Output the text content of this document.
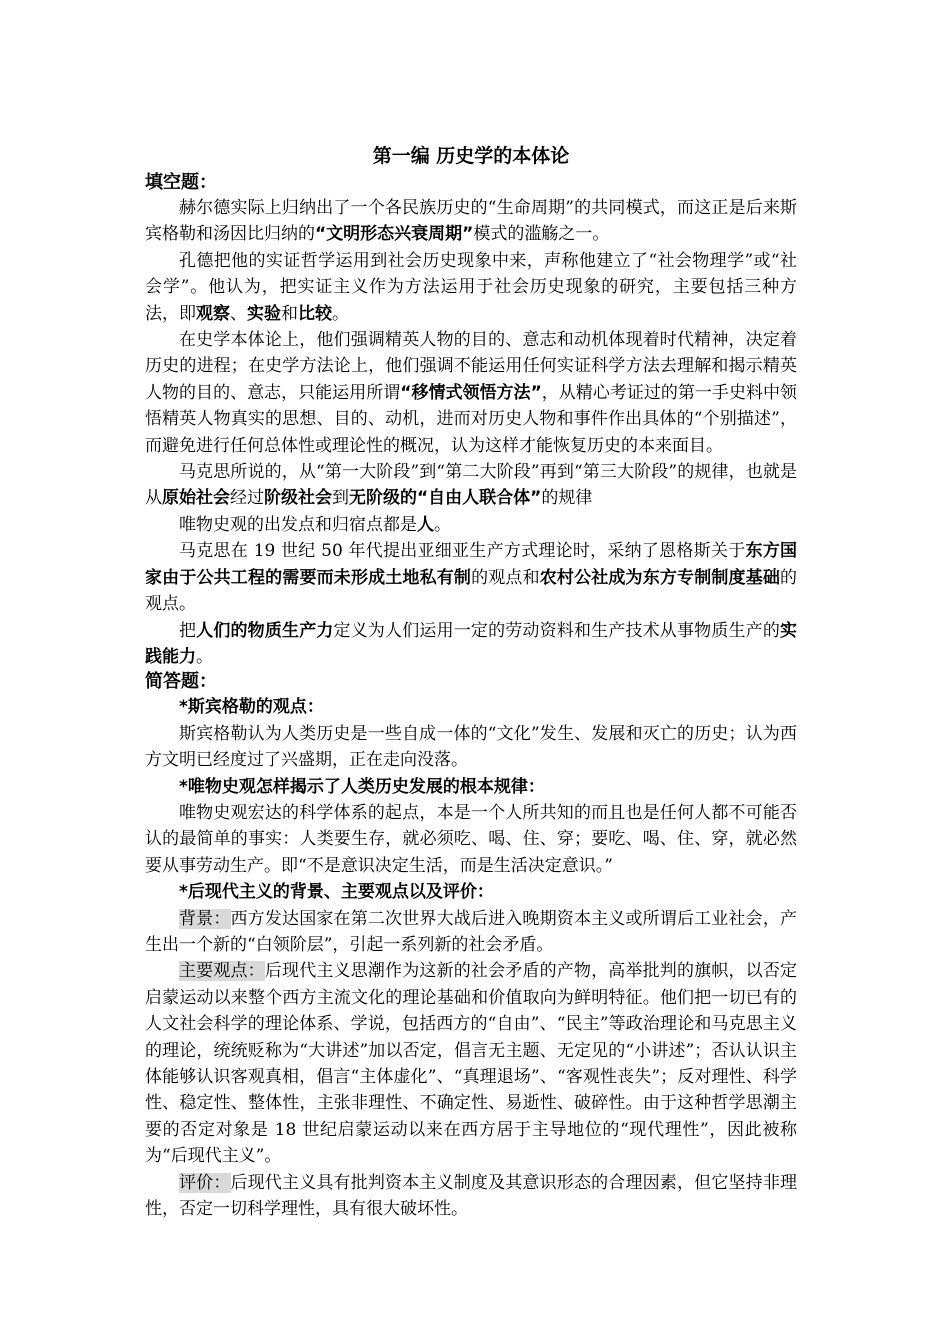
第一编 历史学的本体论
填空题：

赫尔德实际上归纳出了一个各民族历史的“生命周期”的共同模式，而这正是后来斯宾格勒和汤因比归纳的“文明形态兴衰周期”模式的滥觞之一。

孔德把他的实证哲学运用到社会历史现象中来，声称他建立了“社会物理学”或“社会学”。他认为，把实证主义作为方法运用于社会历史现象的研究，主要包括三种方法，即观察、实验和比较。

在史学本体论上，他们强调精英人物的目的、意志和动机体现着时代精神，决定着历史的进程；在史学方法论上，他们强调不能运用任何实证科学方法去理解和揭示精英人物的目的、意志，只能运用所谓“移情式领悟方法”，从精心考证过的第一手史料中领悟精英人物真实的思想、目的、动机，进而对历史人物和事件作出具体的“个别描述”，而避免进行任何总体性或理论性的概况，认为这样才能恢复历史的本来面目。

马克思所说的，从“第一大阶段”到“第二大阶段”再到“第三大阶段”的规律，也就是从原始社会经过阶级社会到无阶级的“自由人联合体”的规律

唯物史观的出发点和归宿点都是人。

马克思在 19 世纪 50 年代提出亚细亚生产方式理论时，采纳了恩格斯关于东方国家由于公共工程的需要而未形成土地私有制的观点和农村公社成为东方专制制度基础的观点。

把人们的物质生产力定义为人们运用一定的劳动资料和生产技术从事物质生产的实践能力。

简答题：

*斯宾格勒的观点：

斯宾格勒认为人类历史是一些自成一体的“文化”发生、发展和灭亡的历史；认为西方文明已经度过了兴盛期，正在走向没落。

*唯物史观怎样揭示了人类历史发展的根本规律：

唯物史观宏达的科学体系的起点，本是一个人所共知的而且也是任何人都不可能否认的最简单的事实：人类要生存，就必须吃、喝、住、穿；要吃、喝、住、穿，就必然要从事劳动生产。即“不是意识决定生活，而是生活决定意识。”

*后现代主义的背景、主要观点以及评价：

背景：西方发达国家在第二次世界大战后进入晚期资本主义或所谓后工业社会，产生出一个新的“白领阶层”，引起一系列新的社会矛盾。

主要观点：后现代主义思潮作为这新的社会矛盾的产物，高举批判的旗帜，以否定启蒙运动以来整个西方主流文化的理论基础和价值取向为鲜明特征。他们把一切已有的人文社会科学的理论体系、学说，包括西方的“自由”、“民主”等政治理论和马克思主义的理论，统统贬称为“大讲述”加以否定，倡言无主题、无定见的“小讲述”；否认认识主体能够认识客观真相，倡言“主体虚化”、“真理退场”、“客观性丧失”；反对理性、科学性、稳定性、整体性，主张非理性、不确定性、易逝性、破碎性。由于这种哲学思潮主要的否定对象是 18 世纪启蒙运动以来在西方居于主导地位的“现代理性”，因此被称为“后现代主义”。

评价：后现代主义具有批判资本主义制度及其意识形态的合理因素，但它坚持非理性，否定一切科学理性，具有很大破坏性。
